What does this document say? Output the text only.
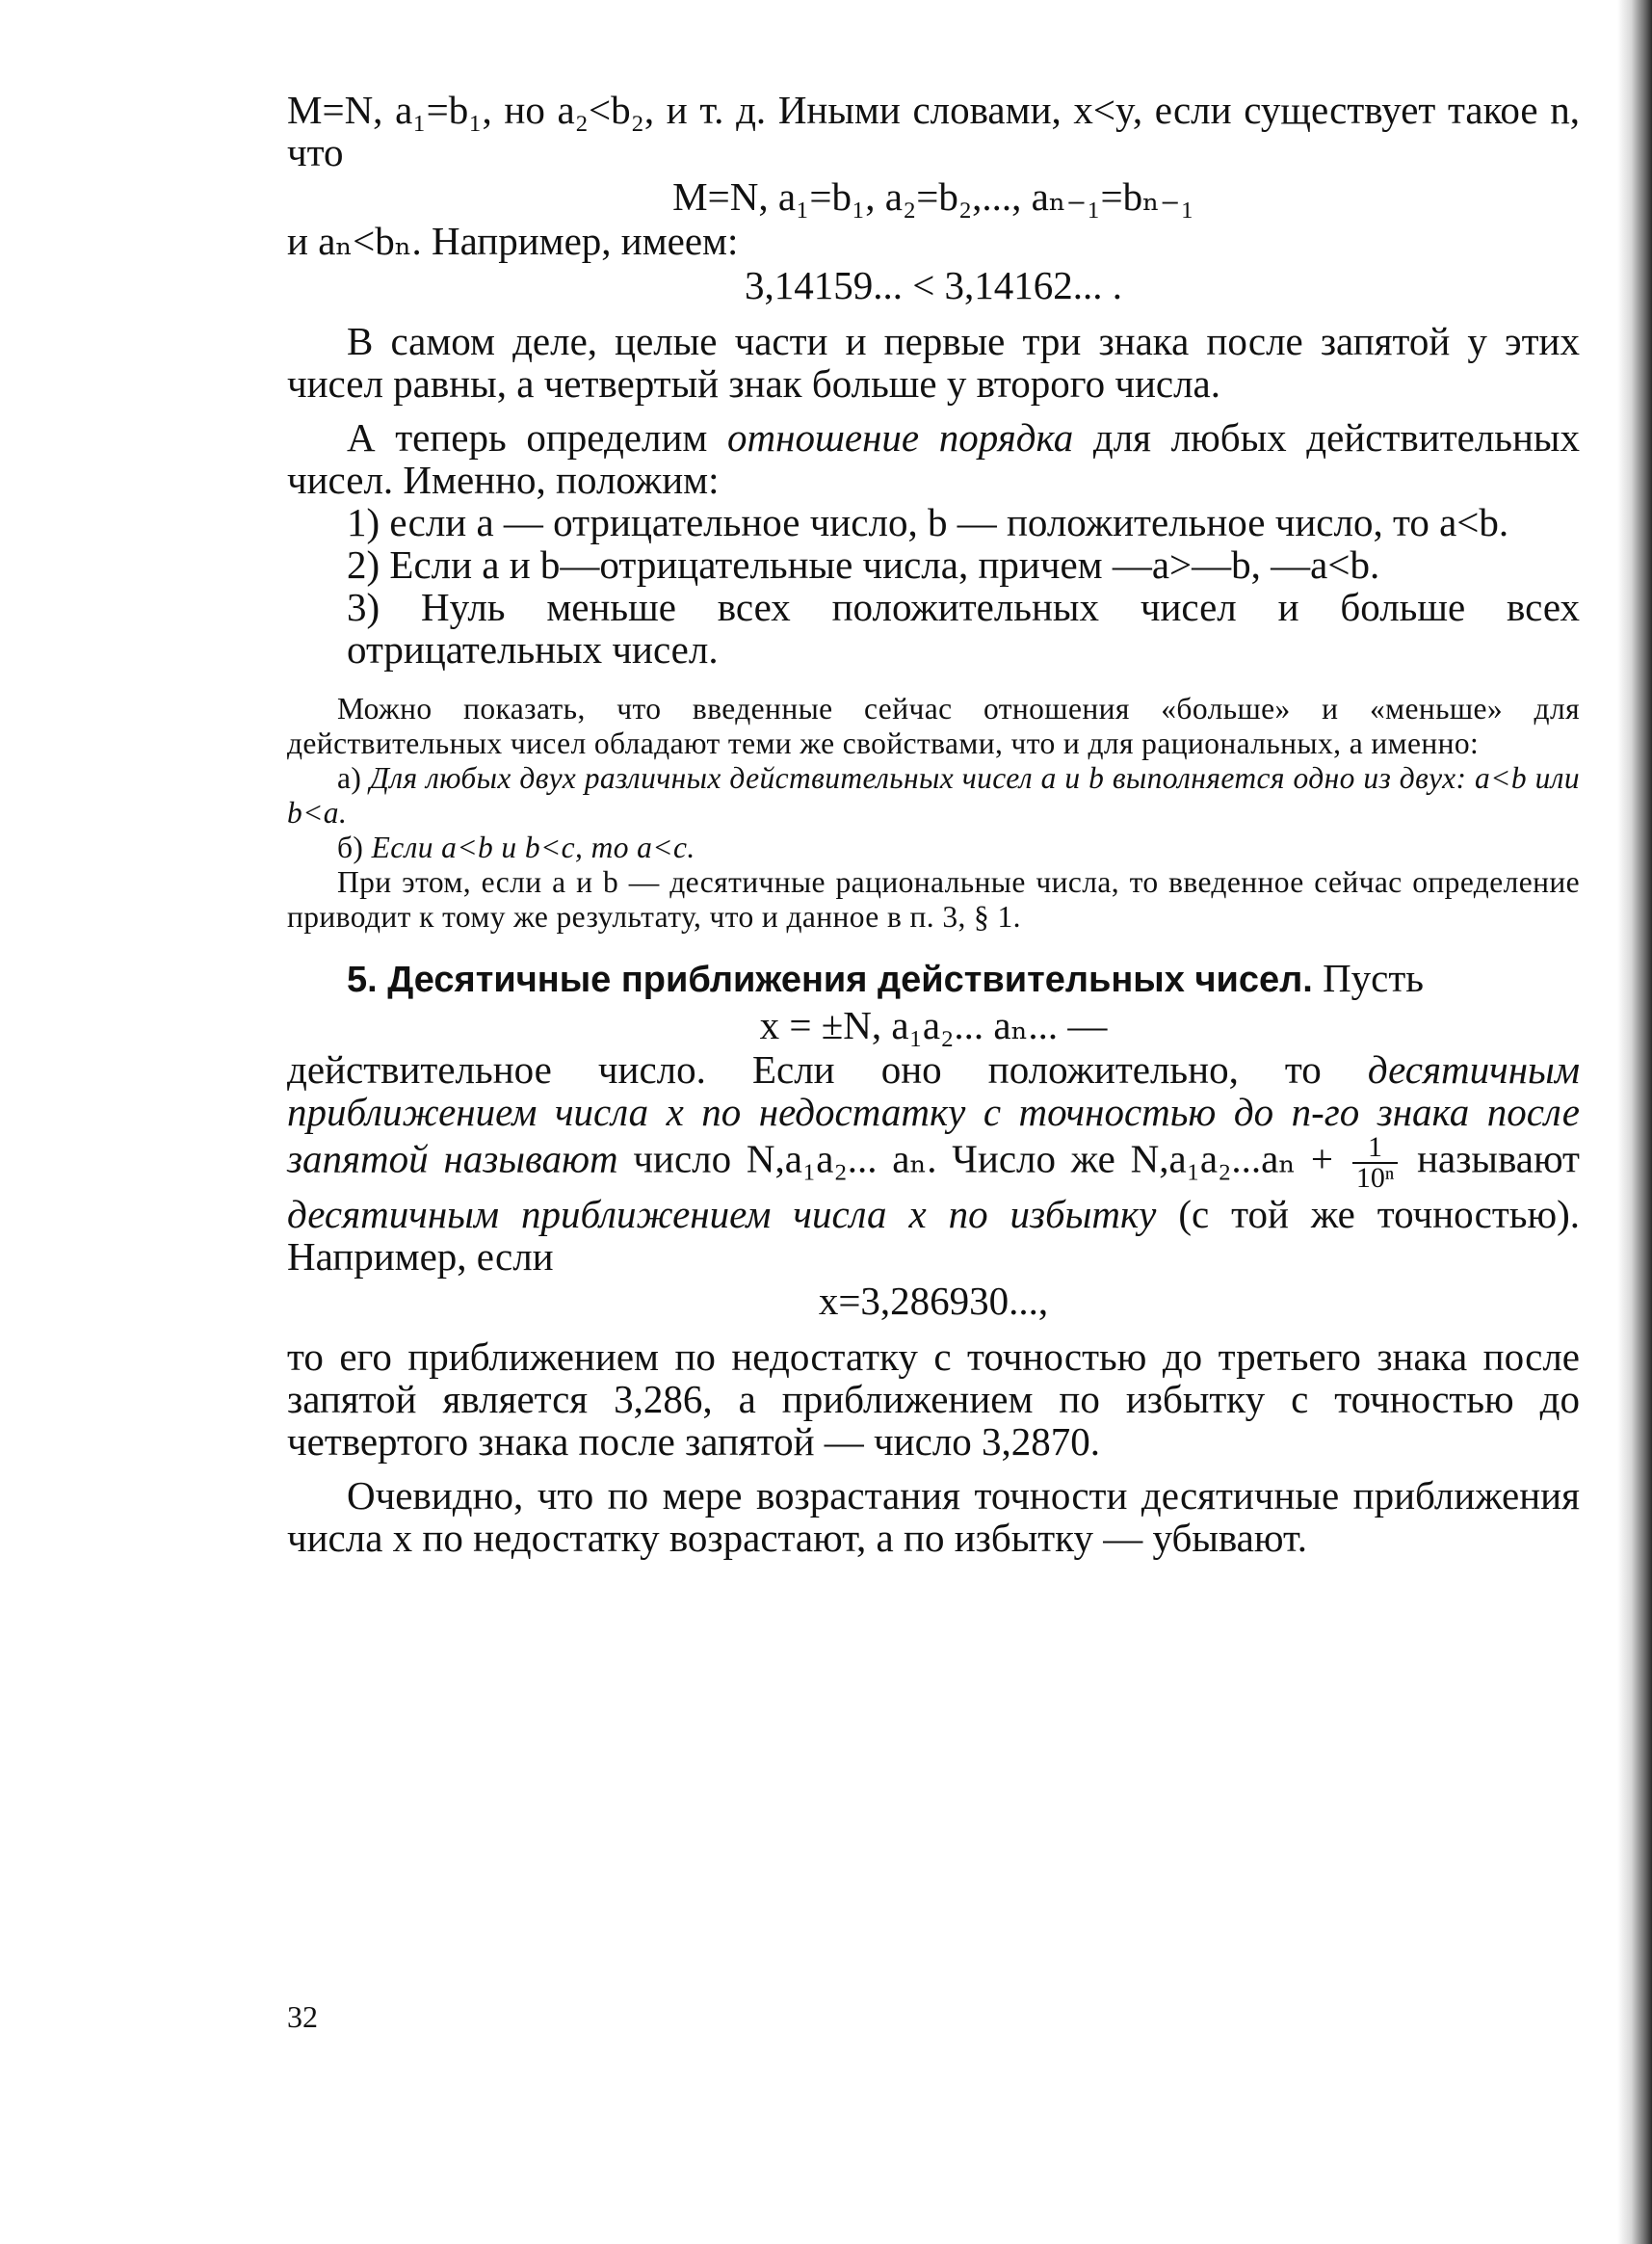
M=N, a₁=b₁, но a₂<b₂, и т. д. Иными словами, x<y, если существует такое n, что

M=N, a₁=b₁, a₂=b₂,..., aₙ₋₁=bₙ₋₁

и aₙ<bₙ. Например, имеем:

3,14159... < 3,14162... .

В самом деле, целые части и первые три знака после запятой у этих чисел равны, а четвертый знак больше у второго числа.

А теперь определим отношение порядка для любых действительных чисел. Именно, положим:

1) если a — отрицательное число, b — положительное число, то a<b.

2) Если a и b—отрицательные числа, причем —a>—b, —a<b.

3) Нуль меньше всех положительных чисел и больше всех отрицательных чисел.

Можно показать, что введенные сейчас отношения «больше» и «меньше» для действительных чисел обладают теми же свойствами, что и для рациональных, а именно:

а) Для любых двух различных действительных чисел a и b выполняется одно из двух: a<b или b<a.

б) Если a<b и b<c, то a<c.

При этом, если a и b — десятичные рациональные числа, то введенное сейчас определение приводит к тому же результату, что и данное в п. 3, § 1.

5. Десятичные приближения действительных чисел. Пусть

x = ±N, a₁a₂... aₙ... —

действительное число. Если оно положительно, то десятичным приближением числа x по недостатку с точностью до n-го знака после запятой называют число N,a₁a₂... aₙ. Число же $N,a_1a_2...a_n + \frac{1}{\text{10ⁿ}}$ называют десятичным приближением числа x по избытку (с той же точностью). Например, если

x=3,286930...,

то его приближением по недостатку с точностью до третьего знака после запятой является 3,286, а приближением по избытку с точностью до четвертого знака после запятой — число 3,2870.

Очевидно, что по мере возрастания точности десятичные приближения числа x по недостатку возрастают, а по избытку — убывают.

32
